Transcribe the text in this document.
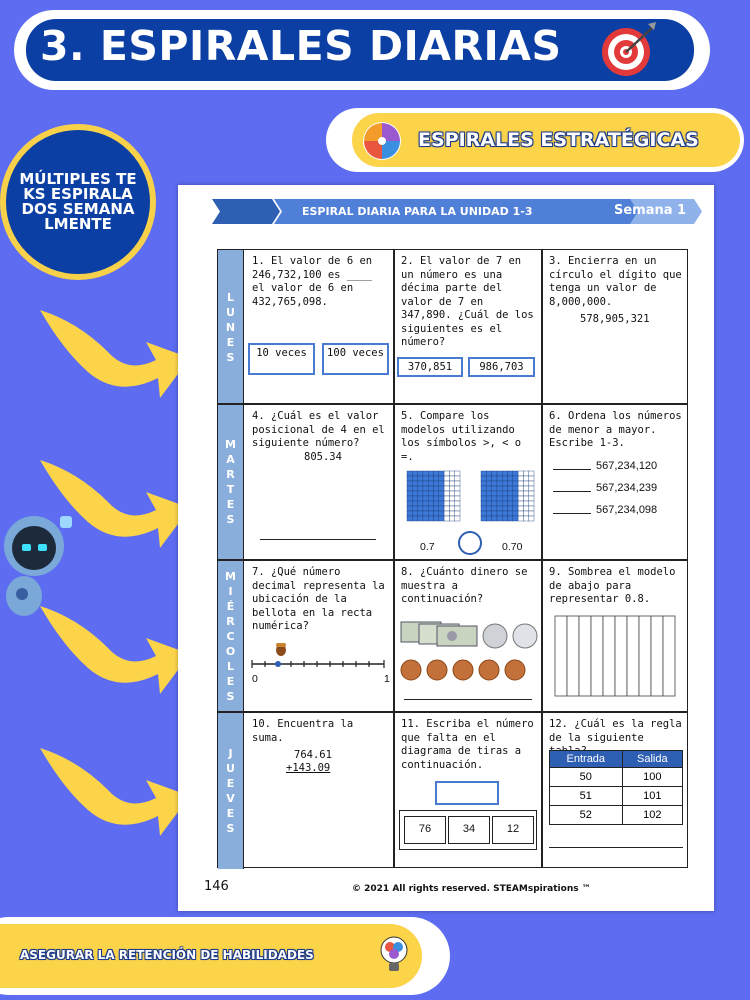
3. ESPIRALES DIARIAS
ESPIRALES ESTRATÉGICAS
MÚLTIPLES TEKS ESPIRALADOS SEMANALMENTE
ESPIRAL DIARIA PARA LA UNIDAD 1-3	Semana 1
L
U
N
E
S
M
A
R
T
E
S
M
I
É
R
C
O
L
E
S
J
U
E
V
E
S
1. El valor de 6 en 246,732,100 es ____ el valor de 6 en 432,765,098.
10 veces	100 veces
2. El valor de 7 en un número es una décima parte del valor de 7 en 347,890. ¿Cuál de los siguientes es el número?
370,851	986,703
3. Encierra en un círculo el dígito que tenga un valor de 8,000,000.
578,905,321
4. ¿Cuál es el valor posicional de 4 en el siguiente número?
805.34
5. Compare los modelos utilizando los símbolos >, < o =.
0.7	0.70
6. Ordena los números de menor a mayor. Escribe 1-3.
567,234,120
567,234,239
567,234,098
7. ¿Qué número decimal representa la ubicación de la bellota en la recta numérica?
0	1
8. ¿Cuánto dinero se muestra a continuación?
9. Sombrea el modelo de abajo para representar 0.8.
10. Encuentra la suma.
764.61
+143.09
11. Escriba el número que falta en el diagrama de tiras a continuación.
76	34	12
12. ¿Cuál es la regla de la siguiente
Entrada	Salida
50	100
51	101
52	102
146	© 2021 All rights reserved. STEAMspirations ™
ASEGURAR LA RETENCIÓN DE HABILIDADES
